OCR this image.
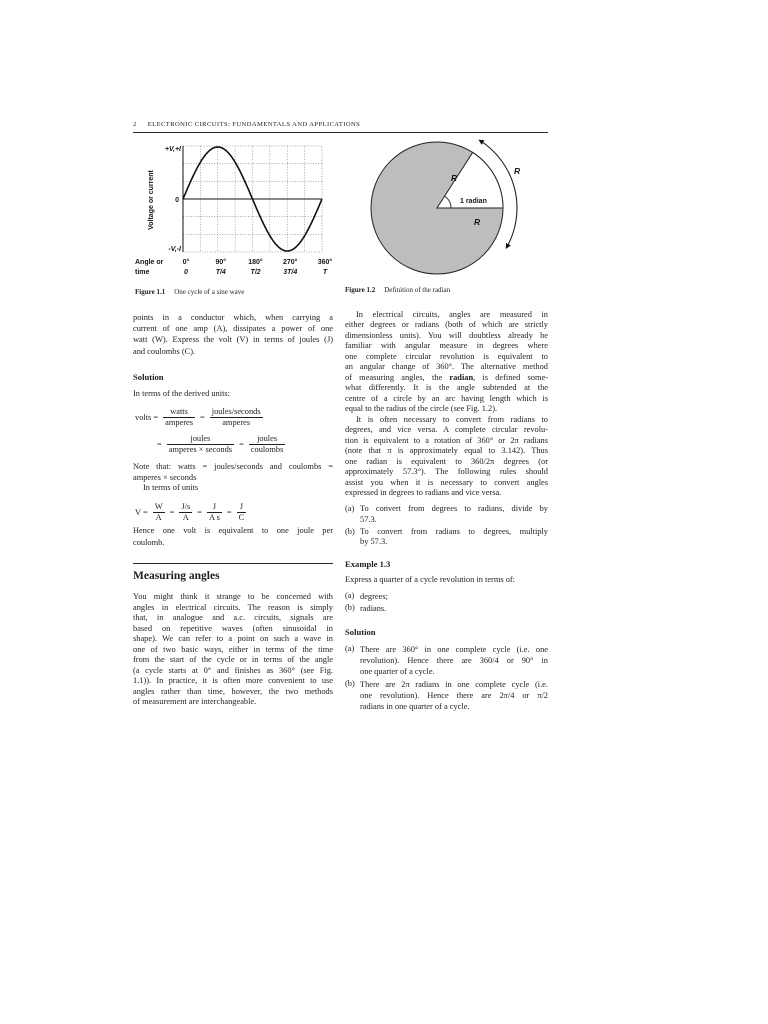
2 ELECTRONIC CIRCUITS: FUNDAMENTALS AND APPLICATIONS
+V,+I
0
-V,-I
Voltage or current
Angle or
time
0°
0
90°
T/4
180°
T/2
270°
3T/4
360°
T
Figure 1.1 One cycle of a sine wave
R
1 radian
R
R
Figure 1.2 Definition of the radian
points in a conductor which, when carrying a
current of one amp (A), dissipates a power of one
watt (W). Express the volt (V) in terms of joules (J)
and coulombs (C).
Solution
In terms of the derived units:
volts = $\frac{\text{watts}}{\text{amperes}} = \frac{\text{joules/seconds}}{\text{amperes}}$
= $\frac{\text{joules}}{\text{amperes × seconds}} = \frac{\text{joules}}{\text{coulombs}}$
Note that: watts = joules/seconds and coulombs =
amperes × seconds
In terms of units
$V = \frac{W}{A} = \frac{J/s}{A} = \frac{J}{\text{A s}} = \frac{J}{C}$
Hence one volt is equivalent to one joule per
coulomb.
Measuring angles
You might think it strange to be concerned with
angles in electrical circuits. The reason is simply
that, in analogue and a.c. circuits, signals are
based on repetitive waves (often sinusoidal in
shape). We can refer to a point on such a wave in
one of two basic ways, either in terms of the time
from the start of the cycle or in terms of the angle
(a cycle starts at 0° and finishes as 360° (see Fig.
1.1)). In practice, it is often more convenient to use
angles rather than time, however, the two methods
of measurement are interchangeable.
In electrical circuits, angles are measured in
either degrees or radians (both of which are strictly
dimensionless units). You will doubtless already be
familiar with angular measure in degrees where
one complete circular revolution is equivalent to
an angular change of 360°. The alternative method
of measuring angles, the radian, is defined some-
what differently. It is the angle subtended at the
centre of a circle by an arc having length which is
equal to the radius of the circle (see Fig. 1.2).
It is often necessary to convert from radians to
degrees, and vice versa. A complete circular revolu-
tion is equivalent to a rotation of 360° or 2π radians
(note that π is approximately equal to 3.142). Thus
one radian is equivalent to 360/2π degrees (or
approximately 57.3°). The following rules should
assist you when it is necessary to convert angles
expressed in degrees to radians and vice versa.
(a) To convert from degrees to radians, divide by
57.3.
(b) To convert from radians to degrees, multiply
by 57.3.
Example 1.3
Express a quarter of a cycle revolution in terms of:
(a) degrees;
(b) radians.
Solution
(a) There are 360° in one complete cycle (i.e. one
revolution). Hence there are 360/4 or 90° in
one quarter of a cycle.
(b) There are 2π radians in one complete cycle (i.e.
one revolution). Hence there are 2π/4 or π/2
radians in one quarter of a cycle.
